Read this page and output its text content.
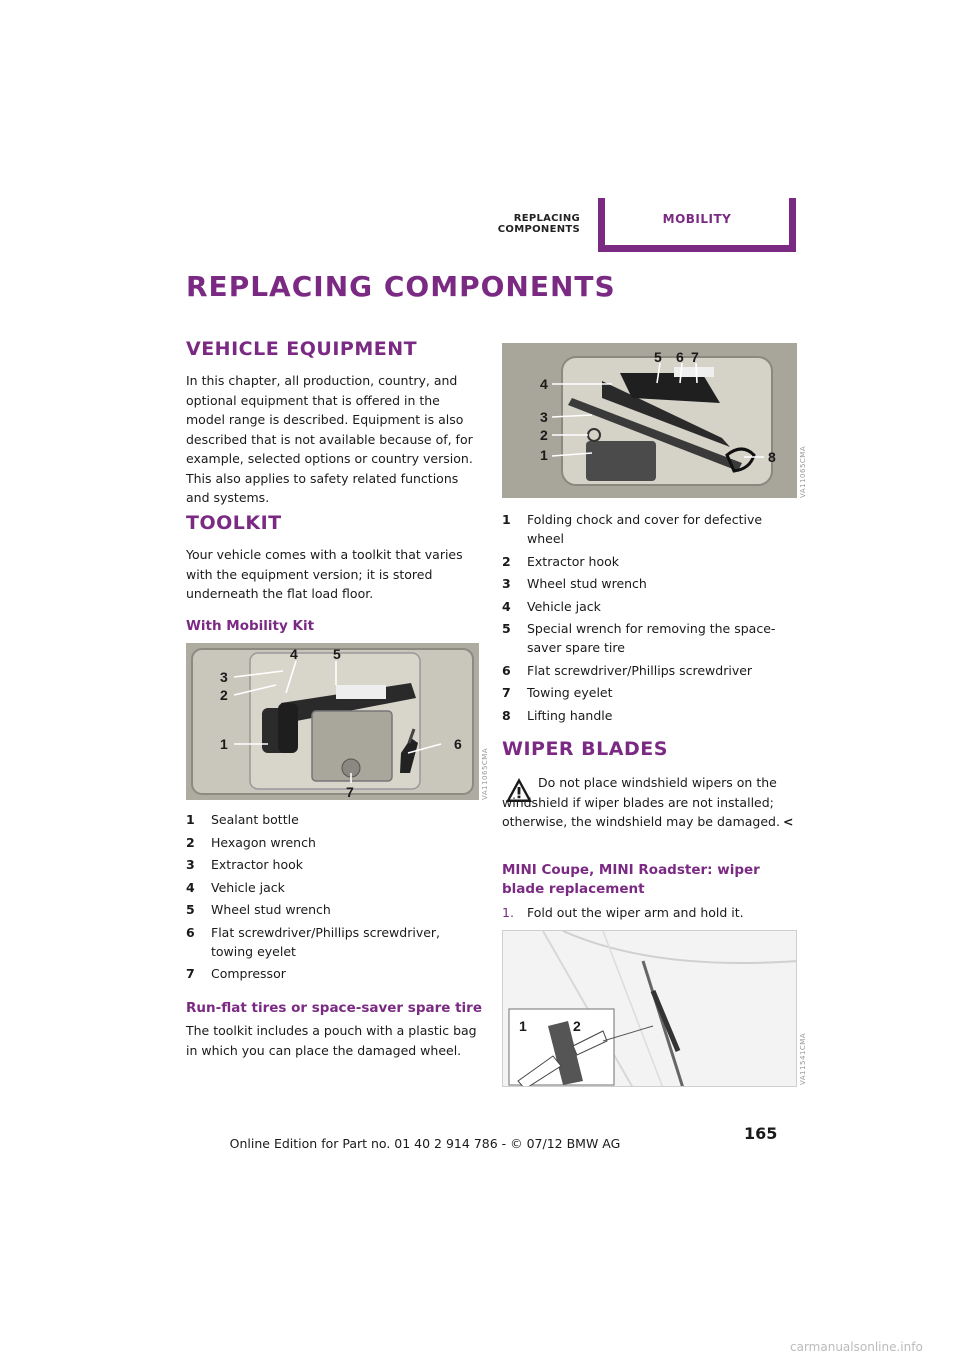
REPLACING COMPONENTS
MOBILITY
REPLACING COMPONENTS
VEHICLE EQUIPMENT
In this chapter, all production, country, and optional equipment that is offered in the model range is described. Equipment is also described that is not available because of, for example, selected options or country version. This also applies to safety related functions and systems.
TOOLKIT
Your vehicle comes with a toolkit that varies with the equipment version; it is stored underneath the flat load floor.
With Mobility Kit
1
2
3
4	5
6
7	VA11065CMA
1 Sealant bottle
2 Hexagon wrench
3 Extractor hook
4 Vehicle jack
5 Wheel stud wrench
6 Flat screwdriver/Phillips screwdriver, towing eyelet
7 Compressor
Run-flat tires or space-saver spare tire
The toolkit includes a pouch with a plastic bag in which you can place the damaged wheel.
1
2
3
4
5 6 7
8	VA11065CMA
1 Folding chock and cover for defective wheel
2 Extractor hook
3 Wheel stud wrench
4 Vehicle jack
5 Special wrench for removing the space-saver spare tire
6 Flat screwdriver/Phillips screwdriver
7 Towing eyelet
8 Lifting handle
WIPER BLADES
Do not place windshield wipers on the windshield if wiper blades are not installed; otherwise, the windshield may be damaged. <
MINI Coupe, MINI Roadster: wiper blade replacement
1. Fold out the wiper arm and hold it.
1	2
VA11541CMA
165
Online Edition for Part no. 01 40 2 914 786 - © 07/12 BMW AG
carmanualsonline.info
